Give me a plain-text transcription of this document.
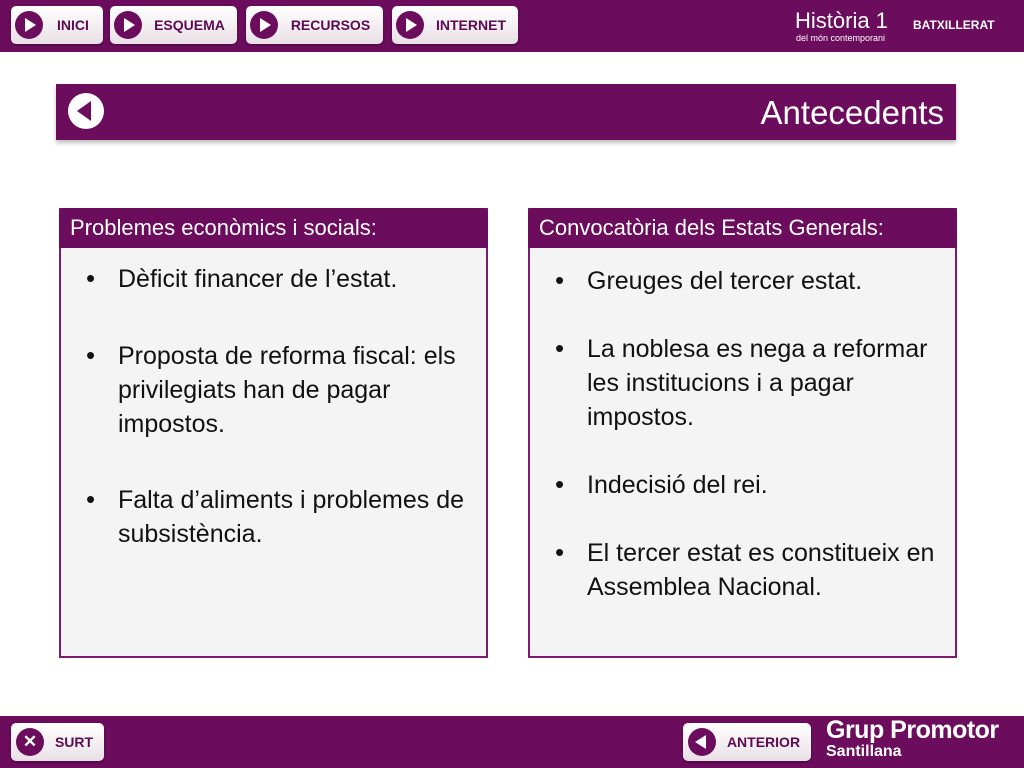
INICI	ESQUEMA	RECURSOS	INTERNET	Història 1 BATXILLERAT
del món contemporani
Antecedents
Problemes econòmics i socials:
• Dèficit financer de l’estat.
• Proposta de reforma fiscal: els privilegiats han de pagar impostos.
• Falta d’aliments i problemes de subsistència.
Convocatòria dels Estats Generals:
• Greuges del tercer estat.
• La noblesa es nega a reformar les institucions i a pagar impostos.
• Indecisió del rei.
• El tercer estat es constitueix en Assemblea Nacional.
✕	SURT	ANTERIOR	Grup Promotor
Santillana
